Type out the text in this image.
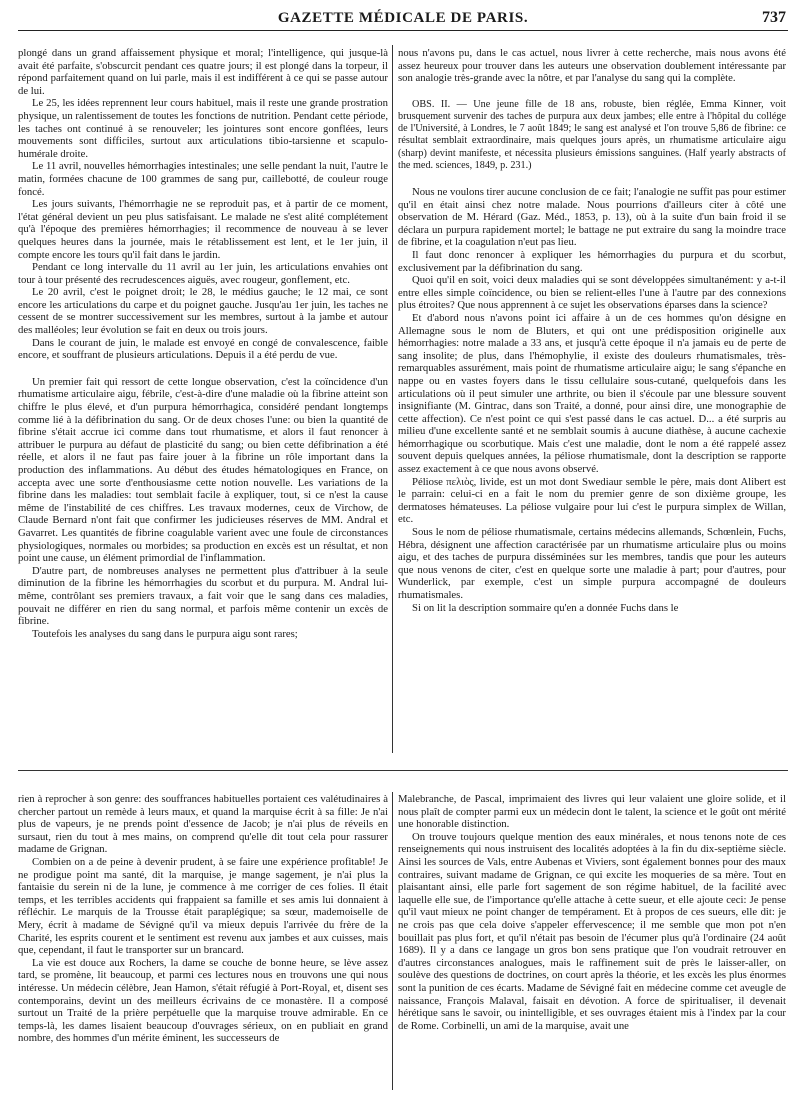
GAZETTE MÉDICALE DE PARIS.	737

plongé dans un grand affaissement physique et moral; l'intelligence, qui jusque-là avait été parfaite, s'obscurcit pendant ces quatre jours; il est plongé dans la torpeur, il répond parfaitement quand on lui parle, mais il est indifférent à ce qui se passe autour de lui.

Le 25, les idées reprennent leur cours habituel, mais il reste une grande prostration physique, un ralentissement de toutes les fonctions de nutrition. Pendant cette période, les taches ont continué à se renouveler; les jointures sont encore gonflées, leurs mouvements sont difficiles, surtout aux articulations tibio-tarsienne et scapulo-humérale droite.

Le 11 avril, nouvelles hémorrhagies intestinales; une selle pendant la nuit, l'autre le matin, formées chacune de 100 grammes de sang pur, caillebotté, de couleur rouge foncé.

Les jours suivants, l'hémorrhagie ne se reproduit pas, et à partir de ce moment, l'état général devient un peu plus satisfaisant. Le malade ne s'est alité complétement qu'à l'époque des premières hémorrhagies; il recommence de nouveau à se lever quelques heures dans la journée, mais le rétablissement est lent, et le 1er juin, il compte encore les tours qu'il fait dans le jardin.

Pendant ce long intervalle du 11 avril au 1er juin, les articulations envahies ont tour à tour présenté des recrudescences aiguës, avec rougeur, gonflement, etc.

Le 20 avril, c'est le poignet droit; le 28, le médius gauche; le 12 mai, ce sont encore les articulations du carpe et du poignet gauche. Jusqu'au 1er juin, les taches ne cessent de se montrer successivement sur les membres, surtout à la jambe et autour des malléoles; leur évolution se fait en deux ou trois jours.

Dans le courant de juin, le malade est envoyé en congé de convalescence, faible encore, et souffrant de plusieurs articulations. Depuis il a été perdu de vue.

Un premier fait qui ressort de cette longue observation, c'est la coïncidence d'un rhumatisme articulaire aigu, fébrile, c'est-à-dire d'une maladie où la fibrine atteint son chiffre le plus élevé, et d'un purpura hémorrhagica, considéré pendant longtemps comme lié à la défibrination du sang. Or de deux choses l'une: ou bien la quantité de fibrine s'était accrue ici comme dans tout rhumatisme, et alors il faut renoncer à attribuer le purpura au défaut de plasticité du sang; ou bien cette défibrination a été réelle, et alors il ne faut pas faire jouer à la fibrine un rôle important dans la production des inflammations. Au début des études hématologiques en France, on accepta avec une sorte d'enthousiasme cette notion nouvelle. Les variations de la fibrine dans les maladies: tout semblait facile à expliquer, tout, si ce n'est la cause même de l'instabilité de ces chiffres. Les travaux modernes, ceux de Virchow, de Claude Bernard n'ont fait que confirmer les judicieuses réserves de MM. Andral et Gavarret. Les quantités de fibrine coagulable varient avec une foule de circonstances physiologiques, normales ou morbides; sa production en excès est un résultat, et non point une cause, un élément primordial de l'inflammation.

D'autre part, de nombreuses analyses ne permettent plus d'attribuer à la seule diminution de la fibrine les hémorrhagies du scorbut et du purpura. M. Andral lui-même, contrôlant ses premiers travaux, a fait voir que le sang dans ces maladies, pouvait ne différer en rien du sang normal, et parfois même contenir un excès de fibrine.

Toutefois les analyses du sang dans le purpura aigu sont rares;

nous n'avons pu, dans le cas actuel, nous livrer à cette recherche, mais nous avons été assez heureux pour trouver dans les auteurs une observation doublement intéressante par son analogie très-grande avec la nôtre, et par l'analyse du sang qui la complète.

OBS. II. — Une jeune fille de 18 ans, robuste, bien réglée, Emma Kinner, voit brusquement survenir des taches de purpura aux deux jambes; elle entre à l'hôpital du collége de l'Université, à Londres, le 7 août 1849; le sang est analysé et l'on trouve 5,86 de fibrine: ce résultat semblait extraordinaire, mais quelques jours après, un rhumatisme articulaire aigu (sharp) devint manifeste, et nécessita plusieurs émissions sanguines. (Half yearly abstracts of the med. sciences, 1849, p. 231.)

Nous ne voulons tirer aucune conclusion de ce fait; l'analogie ne suffit pas pour estimer qu'il en était ainsi chez notre malade. Nous pourrions d'ailleurs citer à côté une observation de M. Hérard (Gaz. Méd., 1853, p. 13), où à la suite d'un bain froid il se déclara un purpura rapidement mortel; le battage ne put extraire du sang la moindre trace de fibrine, et la coagulation n'eut pas lieu.

Il faut donc renoncer à expliquer les hémorrhagies du purpura et du scorbut, exclusivement par la défibrination du sang.

Quoi qu'il en soit, voici deux maladies qui se sont développées simultanément: y a-t-il entre elles simple coïncidence, ou bien se relient-elles l'une à l'autre par des connexions plus étroites? Que nous apprennent à ce sujet les observations éparses dans la science?

Et d'abord nous n'avons point ici affaire à un de ces hommes qu'on désigne en Allemagne sous le nom de Bluters, et qui ont une prédisposition originelle aux hémorrhagies: notre malade a 33 ans, et jusqu'à cette époque il n'a jamais eu de perte de sang insolite; de plus, dans l'hémophylie, il existe des douleurs rhumatismales, très-remarquables assurément, mais point de rhumatisme articulaire aigu; le sang s'épanche en nappe ou en vastes foyers dans le tissu cellulaire sous-cutané, quelquefois dans les articulations où il peut simuler une arthrite, ou bien il s'écoule par une blessure souvent insignifiante (M. Gintrac, dans son Traité, a donné, pour ainsi dire, une monographie de cette affection). Ce n'est point ce qui s'est passé dans le cas actuel. D... a été surpris au milieu d'une excellente santé et ne semblait soumis à aucune diathèse, à aucune cachexie hémorrhagique ou scorbutique. Mais c'est une maladie, dont le nom a été rappelé assez souvent depuis quelques années, la péliose rhumatismale, dont la description se rapporte assez exactement à ce que nous avons observé.

Péliose πελιὸς, livide, est un mot dont Swediaur semble le père, mais dont Alibert est le parrain: celui-ci en a fait le nom du premier genre de son dixième groupe, les dermatoses hémateuses. La péliose vulgaire pour lui c'est le purpura simplex de Willan, etc.

Sous le nom de péliose rhumatismale, certains médecins allemands, Schœnlein, Fuchs, Hébra, désignent une affection caractérisée par un rhumatisme articulaire plus ou moins aigu, et des taches de purpura disséminées sur les membres, tandis que pour les auteurs que nous venons de citer, c'est en quelque sorte une maladie à part; pour d'autres, pour Wunderlick, par exemple, c'est un simple purpura accompagné de douleurs rhumatismales.

Si on lit la description sommaire qu'en a donnée Fuchs dans le

rien à reprocher à son genre: des souffrances habituelles portaient ces valétudinaires à chercher partout un remède à leurs maux, et quand la marquise écrit à sa fille: Je n'ai plus de vapeurs, je ne prends point d'essence de Jacob; je n'ai plus de réveils en sursaut, rien du tout à mes mains, on comprend qu'elle dit tout cela pour rassurer madame de Grignan.

Combien on a de peine à devenir prudent, à se faire une expérience profitable! Je ne prodigue point ma santé, dit la marquise, je mange sagement, je n'ai plus la fantaisie du serein ni de la lune, je commence à me corriger de ces folies. Il était temps, et les terribles accidents qui frappaient sa famille et ses amis lui donnaient à réfléchir. Le marquis de la Trousse était paraplégique; sa sœur, mademoiselle de Mery, écrit à madame de Sévigné qu'il va mieux depuis l'arrivée du frère de la Charité, les esprits courent et le sentiment est revenu aux jambes et aux cuisses, mais que, cependant, il faut le transporter sur un brancard.

La vie est douce aux Rochers, la dame se couche de bonne heure, se lève assez tard, se promène, lit beaucoup, et parmi ces lectures nous en trouvons une qui nous intéresse. Un médecin célèbre, Jean Hamon, s'était réfugié à Port-Royal, et, disent ses contemporains, devint un des meilleurs écrivains de ce monastère. Il a composé surtout un Traité de la prière perpétuelle que la marquise trouve admirable. En ce temps-là, les dames lisaient beaucoup d'ouvrages sérieux, on en publiait en grand nombre, des hommes d'un mérite éminent, les successeurs de

Malebranche, de Pascal, imprimaient des livres qui leur valaient une gloire solide, et il nous plaît de compter parmi eux un médecin dont le talent, la science et le goût ont mérité une honorable distinction.

On trouve toujours quelque mention des eaux minérales, et nous tenons note de ces renseignements qui nous instruisent des localités adoptées à la fin du dix-septième siècle. Ainsi les sources de Vals, entre Aubenas et Viviers, sont également bonnes pour des maux contraires, suivant madame de Grignan, ce qui excite les moqueries de sa mère. Tout en plaisantant ainsi, elle parle fort sagement de son régime habituel, de la facilité avec laquelle elle sue, de l'importance qu'elle attache à cette sueur, et elle ajoute ceci: Je pense qu'il vaut mieux ne point changer de tempérament. Et à propos de ces sueurs, elle dit: je ne crois pas que cela doive s'appeler effervescence; il me semble que mon pot n'en bouillait pas plus fort, et qu'il n'était pas besoin de l'écumer plus qu'à l'ordinaire (24 août 1689). Il y a dans ce langage un gros bon sens pratique que l'on voudrait retrouver en d'autres circonstances analogues, mais le raffinement suit de près le laisser-aller, on soulève des questions de doctrines, on court après la théorie, et les excès les plus énormes sont la punition de ces écarts. Madame de Sévigné fait en médecine comme cet aveugle de naissance, François Malaval, faisait en dévotion. A force de spiritualiser, il devenait hérétique sans le savoir, ou inintelligible, et ses ouvrages étaient mis à l'index par la cour de Rome. Corbinelli, un ami de la marquise, avait une
